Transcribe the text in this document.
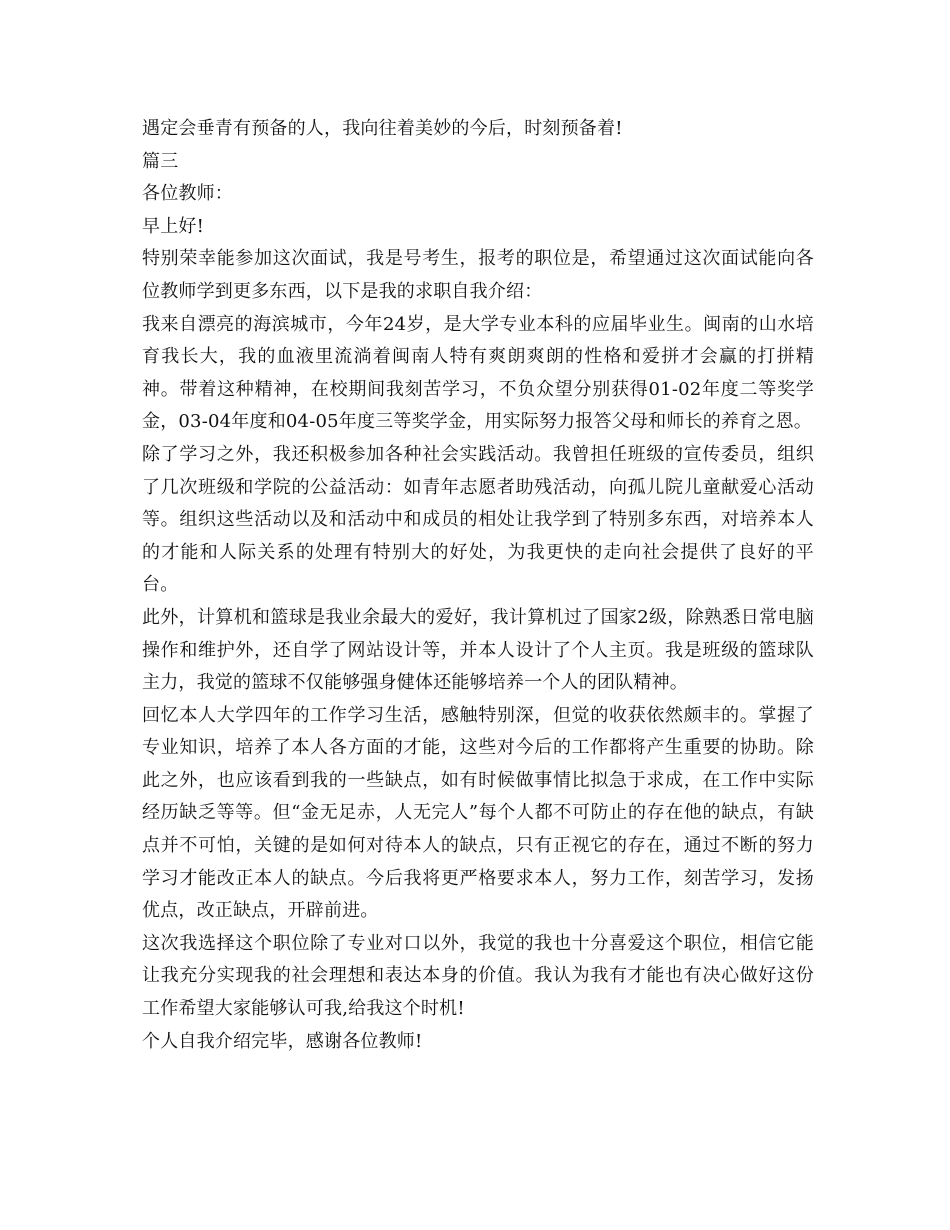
遇定会垂青有预备的人，我向往着美妙的今后，时刻预备着!

篇三

各位教师：

早上好!

特别荣幸能参加这次面试，我是号考生，报考的职位是，希望通过这次面试能向各位教师学到更多东西，以下是我的求职自我介绍：

我来自漂亮的海滨城市，今年24岁，是大学专业本科的应届毕业生。闽南的山水培育我长大，我的血液里流淌着闽南人特有爽朗爽朗的性格和爱拼才会赢的打拼精神。带着这种精神，在校期间我刻苦学习，不负众望分别获得01-02年度二等奖学金，03-04年度和04-05年度三等奖学金，用实际努力报答父母和师长的养育之恩。

除了学习之外，我还积极参加各种社会实践活动。我曾担任班级的宣传委员，组织了几次班级和学院的公益活动：如青年志愿者助残活动，向孤儿院儿童献爱心活动等。组织这些活动以及和活动中和成员的相处让我学到了特别多东西，对培养本人的才能和人际关系的处理有特别大的好处，为我更快的走向社会提供了良好的平台。

此外，计算机和篮球是我业余最大的爱好，我计算机过了国家2级，除熟悉日常电脑操作和维护外，还自学了网站设计等，并本人设计了个人主页。我是班级的篮球队主力，我觉的篮球不仅能够强身健体还能够培养一个人的团队精神。

回忆本人大学四年的工作学习生活，感触特别深，但觉的收获依然颇丰的。掌握了专业知识，培养了本人各方面的才能，这些对今后的工作都将产生重要的协助。除此之外，也应该看到我的一些缺点，如有时候做事情比拟急于求成，在工作中实际经历缺乏等等。但“金无足赤，人无完人”每个人都不可防止的存在他的缺点，有缺点并不可怕，关键的是如何对待本人的缺点，只有正视它的存在，通过不断的努力学习才能改正本人的缺点。今后我将更严格要求本人，努力工作，刻苦学习，发扬优点，改正缺点，开辟前进。

这次我选择这个职位除了专业对口以外，我觉的我也十分喜爱这个职位，相信它能让我充分实现我的社会理想和表达本身的价值。我认为我有才能也有决心做好这份工作希望大家能够认可我,给我这个时机!

个人自我介绍完毕，感谢各位教师!
